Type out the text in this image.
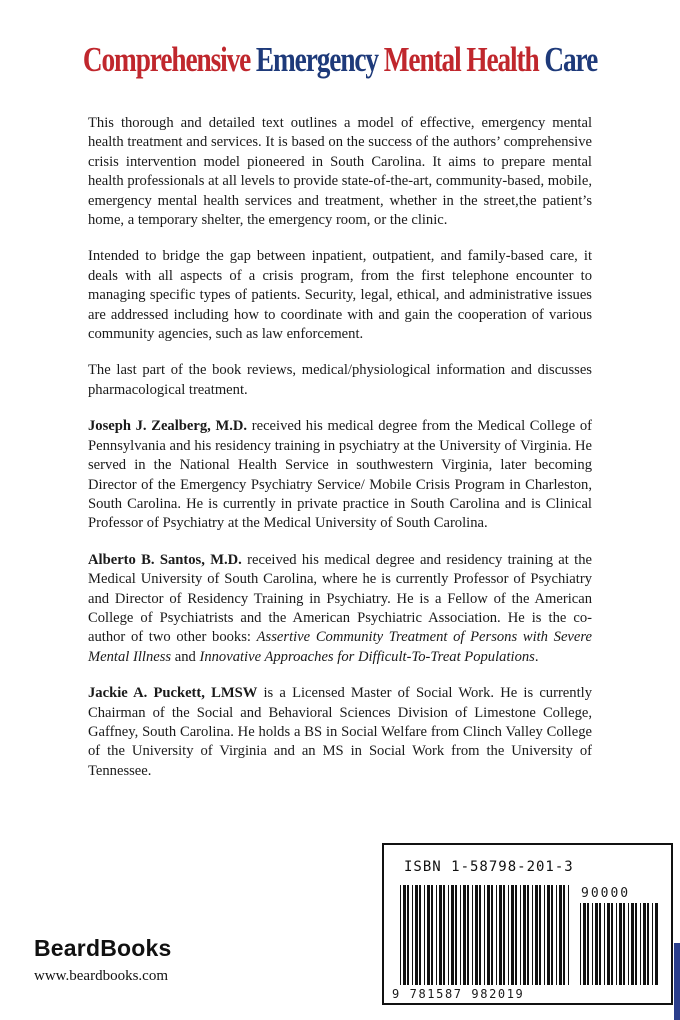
Comprehensive Emergency Mental Health Care

This thorough and detailed text outlines a model of effective, emergency mental health treatment and services. It is based on the success of the authors’ comprehensive crisis intervention model pioneered in South Carolina. It aims to prepare mental health professionals at all levels to provide state-of-the-art, community-based, mobile, emergency mental health services and treatment, whether in the street,the patient’s home, a temporary shelter, the emergency room, or the clinic.

Intended to bridge the gap between inpatient, outpatient, and family-based care, it deals with all aspects of a crisis program, from the first telephone encounter to managing specific types of patients. Security, legal, ethical, and administrative issues are addressed including how to coordinate with and gain the cooperation of various community agencies, such as law enforcement.

The last part of the book reviews, medical/physiological information and discusses pharmacological treatment.

Joseph J. Zealberg, M.D. received his medical degree from the Medical College of Pennsylvania and his residency training in psychiatry at the University of Virginia. He served in the National Health Service in southwestern Virginia, later becoming Director of the Emergency Psychiatry Service/ Mobile Crisis Program in Charleston, South Carolina. He is currently in private practice in South Carolina and is Clinical Professor of Psychiatry at the Medical University of South Carolina.

Alberto B. Santos, M.D. received his medical degree and residency training at the Medical University of South Carolina, where he is currently Professor of Psychiatry and Director of Residency Training in Psychiatry. He is a Fellow of the American College of Psychiatrists and the American Psychiatric Association. He is the co-author of two other books: Assertive Community Treatment of Persons with Severe Mental Illness and Innovative Approaches for Difficult-To-Treat Populations.

Jackie A. Puckett, LMSW is a Licensed Master of Social Work. He is currently Chairman of the Social and Behavioral Sciences Division of Limestone College, Gaffney, South Carolina. He holds a BS in Social Welfare from Clinch Valley College of the University of Virginia and an MS in Social Work from the University of Tennessee.

ISBN 1-58798-201-3
90000
9 781587 982019
BeardBooks
www.beardbooks.com
